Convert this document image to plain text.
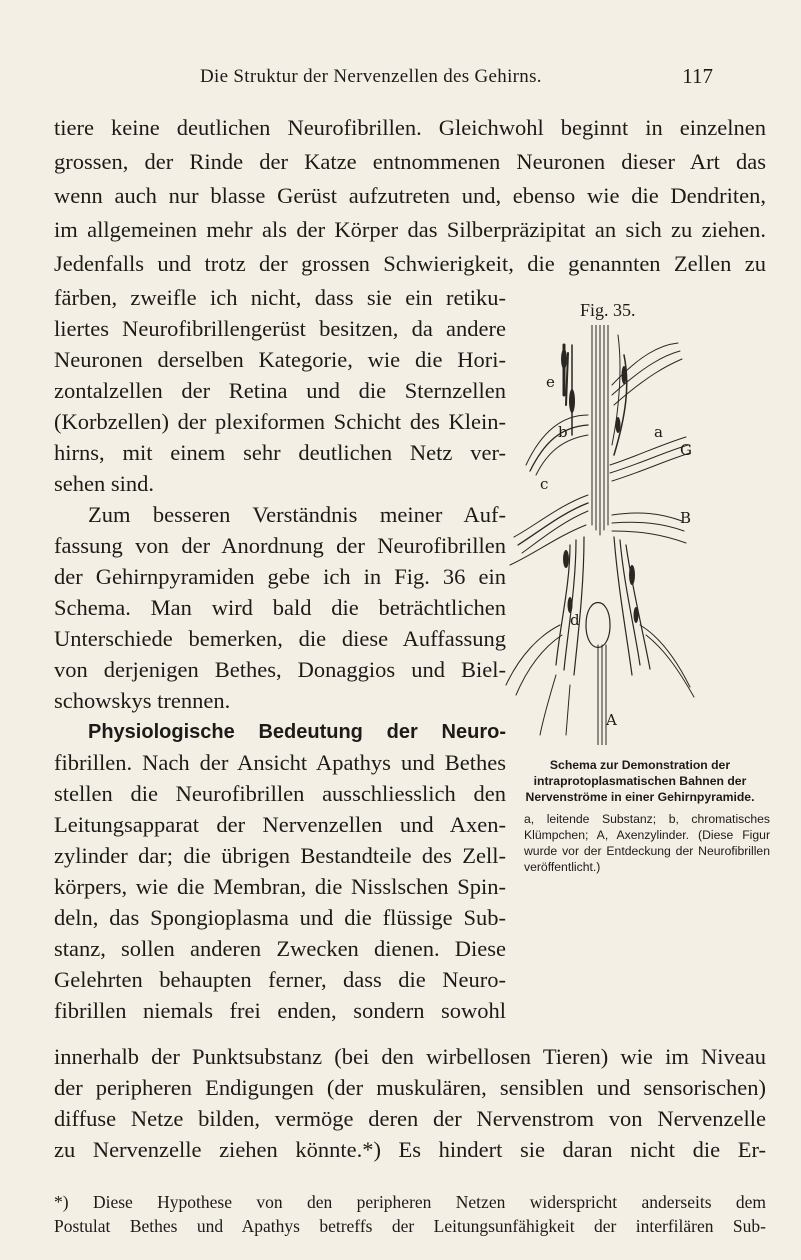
Die Struktur der Nervenzellen des Gehirns.	117
tiere keine deutlichen Neurofibrillen. Gleichwohl beginnt in einzelnen
grossen, der Rinde der Katze entnommenen Neuronen dieser Art das
wenn auch nur blasse Gerüst aufzutreten und, ebenso wie die Dendriten,
im allgemeinen mehr als der Körper das Silberpräzipitat an sich zu ziehen.
Jedenfalls und trotz der grossen Schwierigkeit, die genannten Zellen zu
färben, zweifle ich nicht, dass sie ein retiku-
liertes Neurofibrillengerüst besitzen, da andere
Neuronen derselben Kategorie, wie die Hori-
zontalzellen der Retina und die Sternzellen
(Korbzellen) der plexiformen Schicht des Klein-
hirns, mit einem sehr deutlichen Netz ver-
sehen sind.
Zum besseren Verständnis meiner Auf-
fassung von der Anordnung der Neurofibrillen
der Gehirnpyramiden gebe ich in Fig. 36 ein
Schema. Man wird bald die beträchtlichen
Unterschiede bemerken, die diese Auffassung
von derjenigen Bethes, Donaggios und Biel-
schowskys trennen.
Physiologische Bedeutung der Neuro-
fibrillen. Nach der Ansicht Apathys und Bethes
stellen die Neurofibrillen ausschliesslich den
Leitungsapparat der Nervenzellen und Axen-
zylinder dar; die übrigen Bestandteile des Zell-
körpers, wie die Membran, die Nisslschen Spin-
deln, das Spongioplasma und die flüssige Sub-
stanz, sollen anderen Zwecken dienen. Diese
Gelehrten behaupten ferner, dass die Neuro-
fibrillen niemals frei enden, sondern sowohl
innerhalb der Punktsubstanz (bei den wirbellosen Tieren) wie im Niveau
der peripheren Endigungen (der muskulären, sensiblen und sensorischen)
diffuse Netze bilden, vermöge deren der Nervenstrom von Nervenzelle
zu Nervenzelle ziehen könnte.*) Es hindert sie daran nicht die Er-
Fig. 35.
e
b	a
G
c
B
d
A
Schema zur Demonstration der intraprotoplasmatischen Bahnen der Nervenströme in einer Gehirnpyramide.
a, leitende Substanz; b, chromatisches Klümpchen; A, Axenzylinder. (Diese Figur wurde vor der Entdeckung der Neurofibrillen veröffentlicht.)
*) Diese Hypothese von den peripheren Netzen widerspricht anderseits dem
Postulat Bethes und Apathys betreffs der Leitungsunfähigkeit der interfilären Sub-
